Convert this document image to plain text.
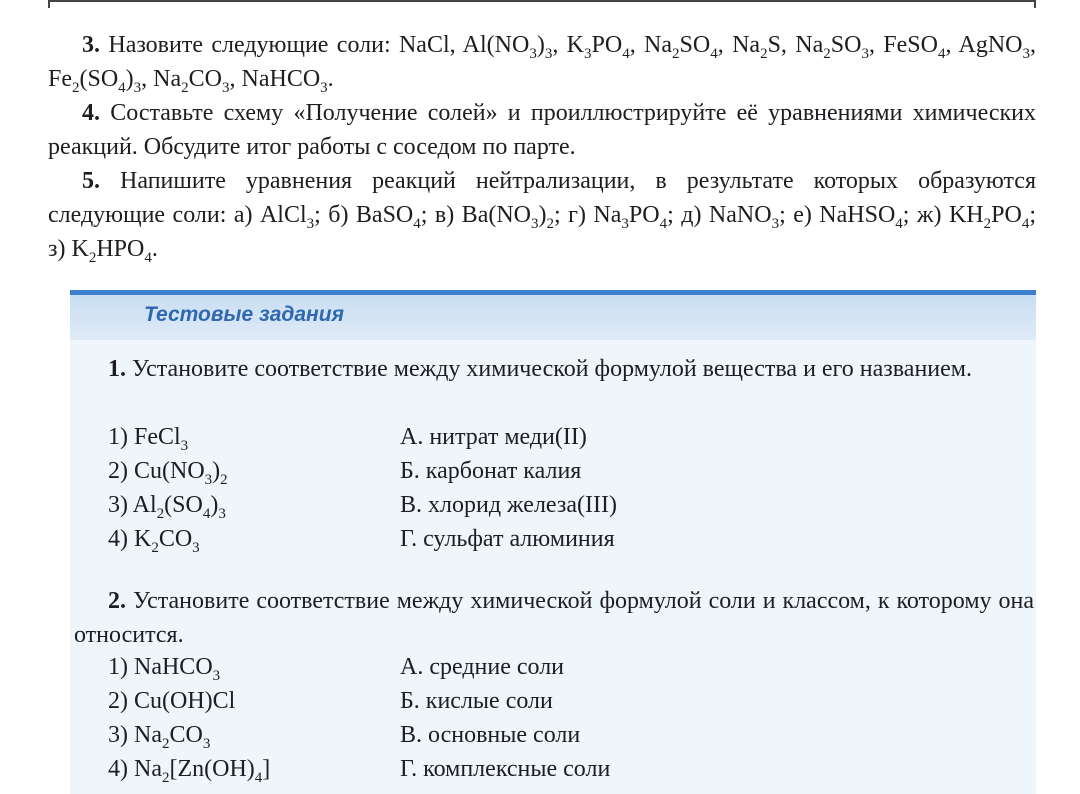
3. Назовите следующие соли: NaCl, $Al(NO_3)_3$, $K_3PO_4$, $Na_2SO_4$, $Na_2S$, $Na_2SO_3$, FeSO$_4$, AgNO$_3$, $Fe_2(SO_4)_3$, $Na_2CO_3$, NaHCO$_3$.

4. Составьте схему «Получение солей» и проиллюстрируйте её уравнениями химических реакций. Обсудите итог работы с соседом по парте.

5. Напишите уравнения реакций нейтрализации, в результате которых образуются следующие соли: а) AlCl$_3$; б) BaSO$_4$; в) $Ba(NO_3)_2$; г) $Na_3PO_4$; д) NaNO$_3$; е) NaHSO$_4$; ж) $KH_2PO_4$; з) $K_2HPO_4$.

Тестовые задания

1. Установите соответствие между химической формулой вещества и его названием.

1) FeCl$_3$
2) $Cu(NO_3)_2$
3) $Al_2(SO_4)_3$
4) $K_2CO_3$
А. нитрат меди(II)
Б. карбонат калия
В. хлорид железа(III)
Г. сульфат алюминия

2. Установите соответствие между химической формулой соли и классом, к которому она относится.

1) NaHCO$_3$
2) Cu(OH)Cl
3) $Na_2CO_3$
4) $Na_2[Zn(OH)_4]$
А. средние соли
Б. кислые соли
В. основные соли
Г. комплексные соли
